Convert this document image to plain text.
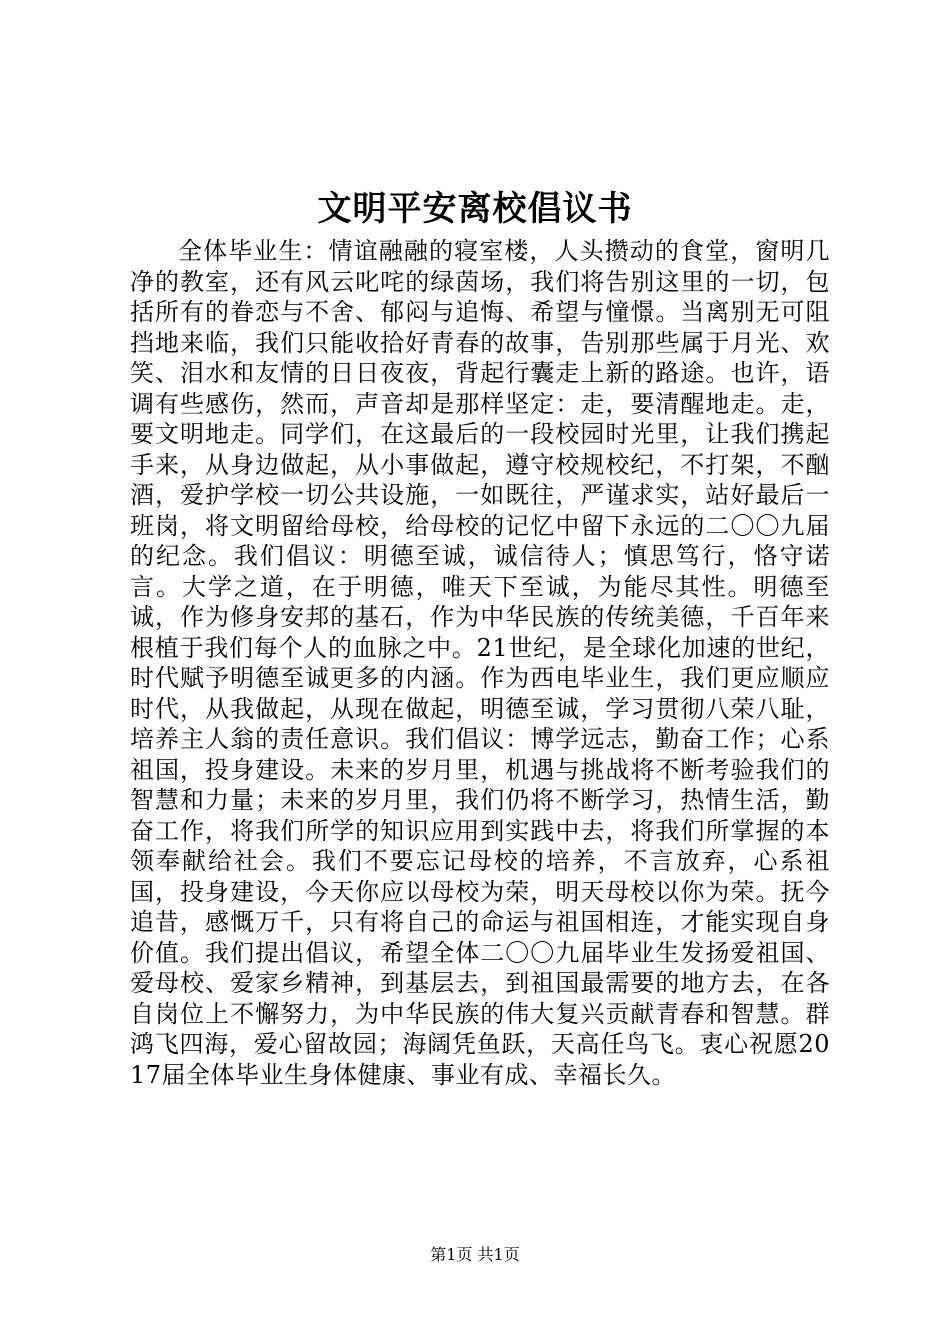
文明平安离校倡议书

全体毕业生：情谊融融的寝室楼，人头攒动的食堂，窗明几净的教室，还有风云叱咤的绿茵场，我们将告别这里的一切，包括所有的眷恋与不舍、郁闷与追悔、希望与憧憬。当离别无可阻挡地来临，我们只能收拾好青春的故事，告别那些属于月光、欢笑、泪水和友情的日日夜夜，背起行囊走上新的路途。也许，语调有些感伤，然而，声音却是那样坚定：走，要清醒地走。走，要文明地走。同学们，在这最后的一段校园时光里，让我们携起手来，从身边做起，从小事做起，遵守校规校纪，不打架，不酗酒，爱护学校一切公共设施，一如既往，严谨求实，站好最后一班岗，将文明留给母校，给母校的记忆中留下永远的二〇〇九届的纪念。我们倡议：明德至诚，诚信待人；慎思笃行，恪守诺言。大学之道，在于明德，唯天下至诚，为能尽其性。明德至诚，作为修身安邦的基石，作为中华民族的传统美德，千百年来根植于我们每个人的血脉之中。21世纪，是全球化加速的世纪，时代赋予明德至诚更多的内涵。作为西电毕业生，我们更应顺应时代，从我做起，从现在做起，明德至诚，学习贯彻八荣八耻，培养主人翁的责任意识。我们倡议：博学远志，勤奋工作；心系祖国，投身建设。未来的岁月里，机遇与挑战将不断考验我们的智慧和力量；未来的岁月里，我们仍将不断学习，热情生活，勤奋工作，将我们所学的知识应用到实践中去，将我们所掌握的本领奉献给社会。我们不要忘记母校的培养，不言放弃，心系祖国，投身建设，今天你应以母校为荣，明天母校以你为荣。抚今追昔，感慨万千，只有将自己的命运与祖国相连，才能实现自身价值。我们提出倡议，希望全体二〇〇九届毕业生发扬爱祖国、爱母校、爱家乡精神，到基层去，到祖国最需要的地方去，在各自岗位上不懈努力，为中华民族的伟大复兴贡献青春和智慧。群鸿飞四海，爱心留故园；海阔凭鱼跃，天高任鸟飞。衷心祝愿2017届全体毕业生身体健康、事业有成、幸福长久。

第1页 共1页
